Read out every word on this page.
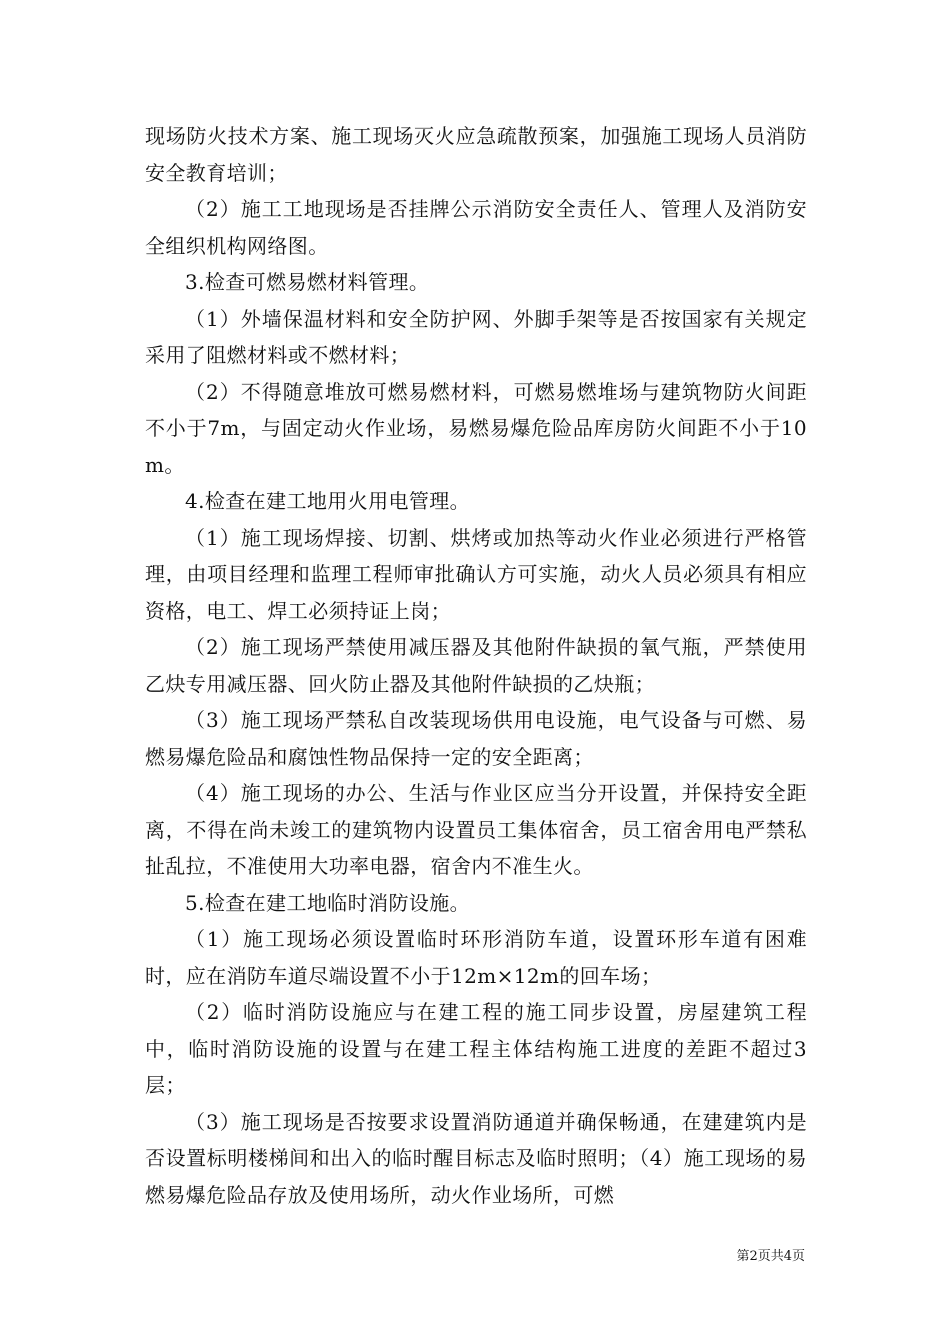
现场防火技术方案、施工现场灭火应急疏散预案，加强施工现场人员消防安全教育培训；

（2）施工工地现场是否挂牌公示消防安全责任人、管理人及消防安全组织机构网络图。

3.检查可燃易燃材料管理。

（1）外墙保温材料和安全防护网、外脚手架等是否按国家有关规定采用了阻燃材料或不燃材料；

（2）不得随意堆放可燃易燃材料，可燃易燃堆场与建筑物防火间距不小于7m，与固定动火作业场，易燃易爆危险品库房防火间距不小于10m。

4.检查在建工地用火用电管理。

（1）施工现场焊接、切割、烘烤或加热等动火作业必须进行严格管理，由项目经理和监理工程师审批确认方可实施，动火人员必须具有相应资格，电工、焊工必须持证上岗；

（2）施工现场严禁使用减压器及其他附件缺损的氧气瓶，严禁使用乙炔专用减压器、回火防止器及其他附件缺损的乙炔瓶；

（3）施工现场严禁私自改装现场供用电设施，电气设备与可燃、易燃易爆危险品和腐蚀性物品保持一定的安全距离；

（4）施工现场的办公、生活与作业区应当分开设置，并保持安全距离，不得在尚未竣工的建筑物内设置员工集体宿舍，员工宿舍用电严禁私扯乱拉，不准使用大功率电器，宿舍内不准生火。

5.检查在建工地临时消防设施。

（1）施工现场必须设置临时环形消防车道，设置环形车道有困难时，应在消防车道尽端设置不小于12m×12m的回车场；

（2）临时消防设施应与在建工程的施工同步设置，房屋建筑工程中，临时消防设施的设置与在建工程主体结构施工进度的差距不超过3层；

（3）施工现场是否按要求设置消防通道并确保畅通，在建建筑内是否设置标明楼梯间和出入的临时醒目标志及临时照明；（4）施工现场的易燃易爆危险品存放及使用场所，动火作业场所，可燃

第2页共4页
